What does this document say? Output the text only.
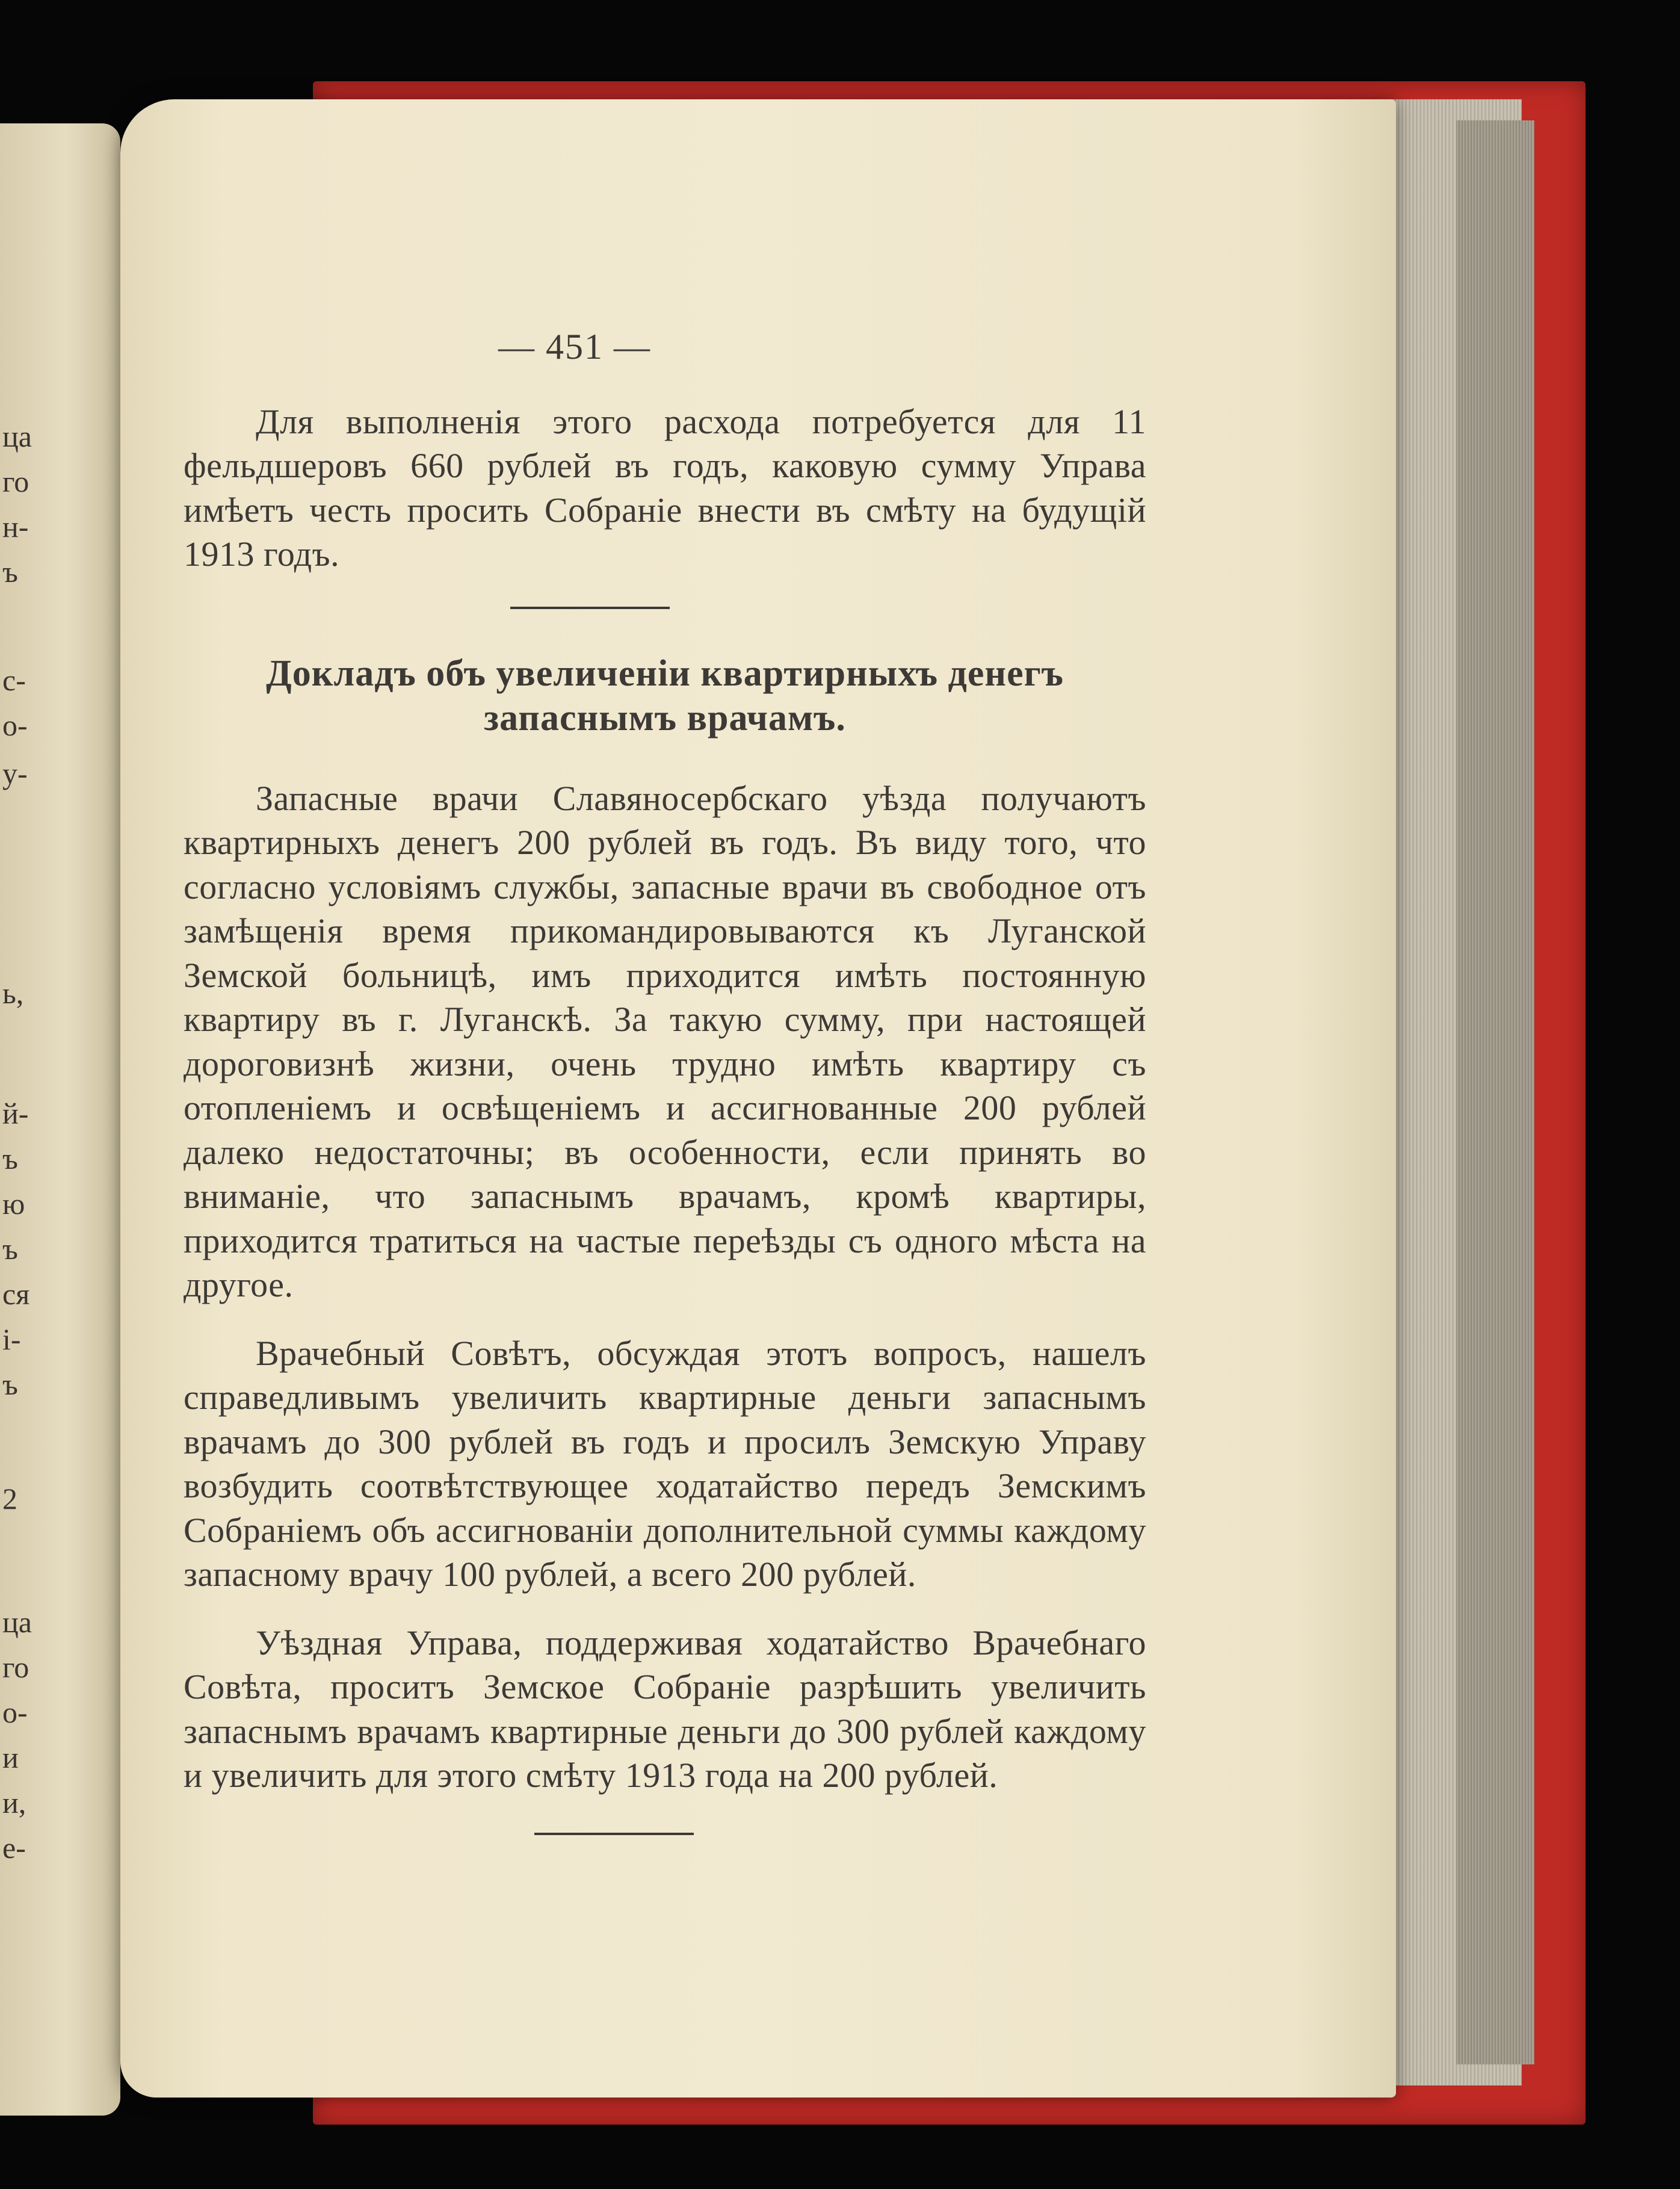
ца
го
н-
ъ
с-
о-
у-
ь,
й-
ъ
ю
ъ
ся
і-
ъ
2
ца
го
о-
и
и,
е-
— 451 —

Для выполненія этого расхода потребуется для 11 фельдшеровъ 660 рублей въ годъ, каковую сумму Управа имѣетъ честь просить Собраніе внести въ смѣту на будущій 1913 годъ.

Докладъ объ увеличеніи квартирныхъ денегъ запаснымъ врачамъ.

Запасные врачи Славяносербскаго уѣзда получаютъ квартирныхъ денегъ 200 рублей въ годъ. Въ виду того, что согласно условіямъ службы, запасные врачи въ свободное отъ замѣщенія время прикомандировываются къ Луганской Земской больницѣ, имъ приходится имѣть постоянную квартиру въ г. Луганскѣ. За такую сумму, при настоящей дороговизнѣ жизни, очень трудно имѣть квартиру съ отопленіемъ и освѣщеніемъ и ассигнованные 200 рублей далеко недостаточны; въ особенности, если принять во вниманіе, что запаснымъ врачамъ, кромѣ квартиры, приходится тратиться на частые переѣзды съ одного мѣста на другое.

Врачебный Совѣтъ, обсуждая этотъ вопросъ, нашелъ справедливымъ увеличить квартирные деньги запаснымъ врачамъ до 300 рублей въ годъ и просилъ Земскую Управу возбудить соотвѣтствующее ходатайство передъ Земскимъ Собраніемъ объ ассигнованіи дополнительной суммы каждому запасному врачу 100 рублей, а всего 200 рублей.

Уѣздная Управа, поддерживая ходатайство Врачебнаго Совѣта, проситъ Земское Собраніе разрѣшить увеличить запаснымъ врачамъ квартирные деньги до 300 рублей каждому и увеличить для этого смѣту 1913 года на 200 рублей.
